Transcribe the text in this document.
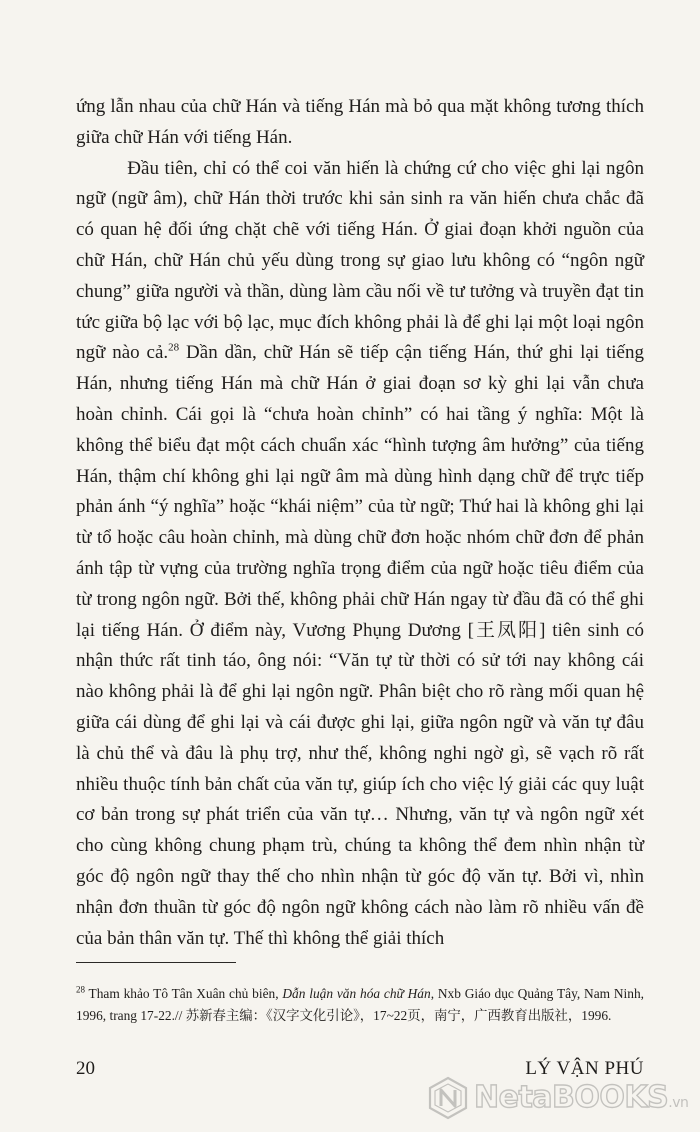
ứng lẫn nhau của chữ Hán và tiếng Hán mà bỏ qua mặt không tương thích giữa chữ Hán với tiếng Hán.

Đầu tiên, chỉ có thể coi văn hiến là chứng cứ cho việc ghi lại ngôn ngữ (ngữ âm), chữ Hán thời trước khi sản sinh ra văn hiến chưa chắc đã có quan hệ đối ứng chặt chẽ với tiếng Hán. Ở giai đoạn khởi nguồn của chữ Hán, chữ Hán chủ yếu dùng trong sự giao lưu không có “ngôn ngữ chung” giữa người và thần, dùng làm cầu nối về tư tưởng và truyền đạt tin tức giữa bộ lạc với bộ lạc, mục đích không phải là để ghi lại một loại ngôn ngữ nào cả.$^{28}$ Dần dần, chữ Hán sẽ tiếp cận tiếng Hán, thứ ghi lại tiếng Hán, nhưng tiếng Hán mà chữ Hán ở giai đoạn sơ kỳ ghi lại vẫn chưa hoàn chỉnh. Cái gọi là “chưa hoàn chỉnh” có hai tầng ý nghĩa: Một là không thể biểu đạt một cách chuẩn xác “hình tượng âm hưởng” của tiếng Hán, thậm chí không ghi lại ngữ âm mà dùng hình dạng chữ để trực tiếp phản ánh “ý nghĩa” hoặc “khái niệm” của từ ngữ; Thứ hai là không ghi lại từ tổ hoặc câu hoàn chỉnh, mà dùng chữ đơn hoặc nhóm chữ đơn để phản ánh tập từ vựng của trường nghĩa trọng điểm của ngữ hoặc tiêu điểm của từ trong ngôn ngữ. Bởi thế, không phải chữ Hán ngay từ đầu đã có thể ghi lại tiếng Hán. Ở điểm này, Vương Phụng Dương [王凤阳] tiên sinh có nhận thức rất tinh táo, ông nói: “Văn tự từ thời có sử tới nay không cái nào không phải là để ghi lại ngôn ngữ. Phân biệt cho rõ ràng mối quan hệ giữa cái dùng để ghi lại và cái được ghi lại, giữa ngôn ngữ và văn tự đâu là chủ thể và đâu là phụ trợ, như thế, không nghi ngờ gì, sẽ vạch rõ rất nhiều thuộc tính bản chất của văn tự, giúp ích cho việc lý giải các quy luật cơ bản trong sự phát triển của văn tự… Nhưng, văn tự và ngôn ngữ xét cho cùng không chung phạm trù, chúng ta không thể đem nhìn nhận từ góc độ ngôn ngữ thay thế cho nhìn nhận từ góc độ văn tự. Bởi vì, nhìn nhận đơn thuần từ góc độ ngôn ngữ không cách nào làm rõ nhiều vấn đề của bản thân văn tự. Thế thì không thể giải thích

$^{28}$ Tham khảo Tô Tân Xuân chủ biên, Dẫn luận văn hóa chữ Hán, Nxb Giáo dục Quảng Tây, Nam Ninh, 1996, trang 17-22.// 苏新春主编：《汉字文化引论》，17~22页，南宁，广西教育出版社，1996.
20	LÝ VẬN PHÚ
NetaBOOKS.vn
